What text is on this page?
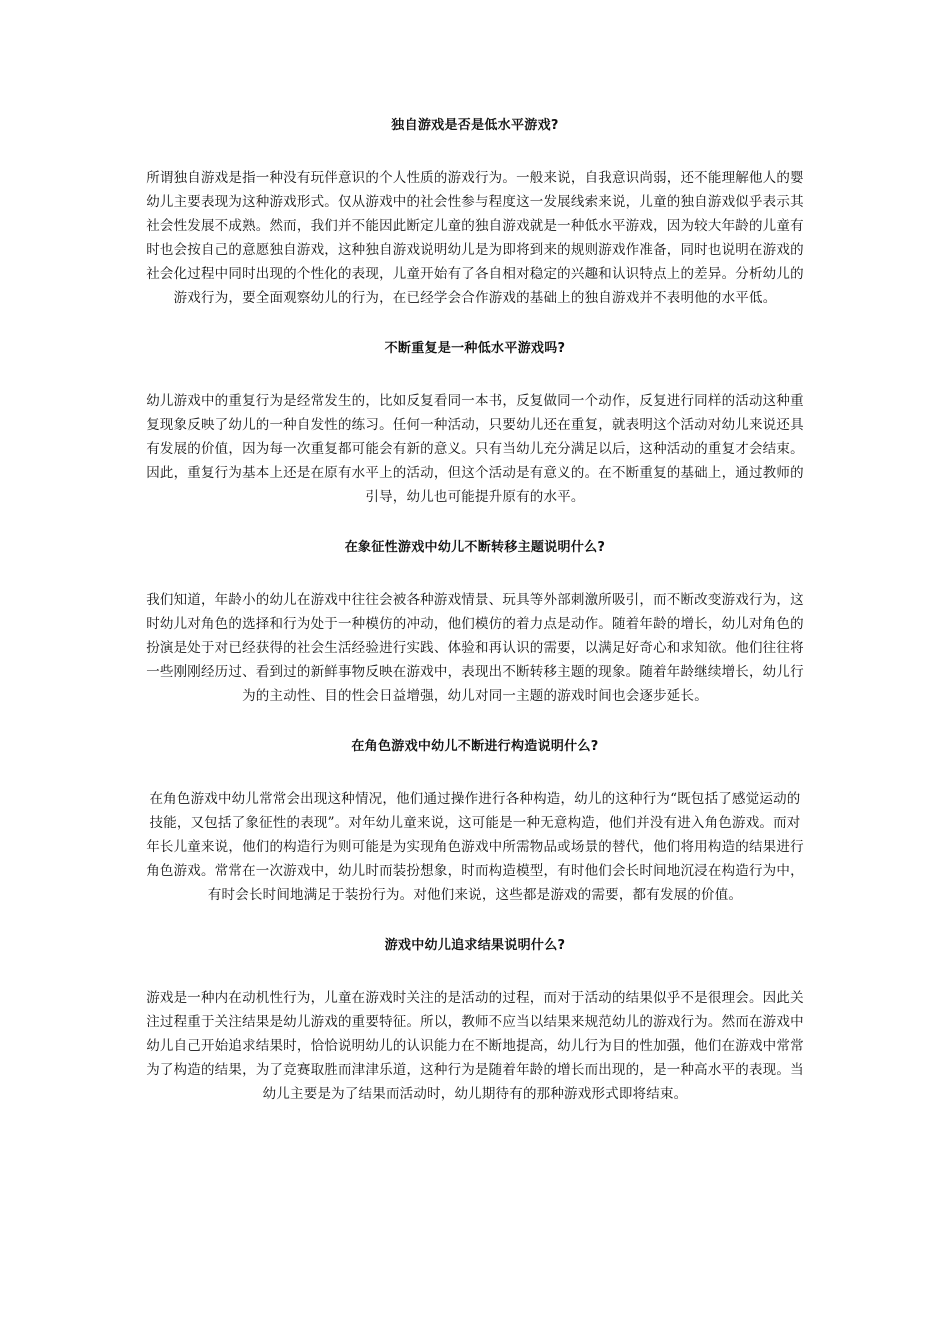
独自游戏是否是低水平游戏?

所谓独自游戏是指一种没有玩伴意识的个人性质的游戏行为。一般来说，自我意识尚弱，还不能理解他人的婴幼儿主要表现为这种游戏形式。仅从游戏中的社会性参与程度这一发展线索来说，儿童的独自游戏似乎表示其社会性发展不成熟。然而，我们并不能因此断定儿童的独自游戏就是一种低水平游戏，因为较大年龄的儿童有时也会按自己的意愿独自游戏，这种独自游戏说明幼儿是为即将到来的规则游戏作准备，同时也说明在游戏的社会化过程中同时出现的个性化的表现，儿童开始有了各自相对稳定的兴趣和认识特点上的差异。分析幼儿的游戏行为，要全面观察幼儿的行为，在已经学会合作游戏的基础上的独自游戏并不表明他的水平低。

不断重复是一种低水平游戏吗?

幼儿游戏中的重复行为是经常发生的，比如反复看同一本书，反复做同一个动作，反复进行同样的活动这种重复现象反映了幼儿的一种自发性的练习。任何一种活动，只要幼儿还在重复，就表明这个活动对幼儿来说还具有发展的价值，因为每一次重复都可能会有新的意义。只有当幼儿充分满足以后，这种活动的重复才会结束。因此，重复行为基本上还是在原有水平上的活动，但这个活动是有意义的。在不断重复的基础上，通过教师的引导，幼儿也可能提升原有的水平。

在象征性游戏中幼儿不断转移主题说明什么?

我们知道，年龄小的幼儿在游戏中往往会被各种游戏情景、玩具等外部刺激所吸引，而不断改变游戏行为，这时幼儿对角色的选择和行为处于一种模仿的冲动，他们模仿的着力点是动作。随着年龄的增长，幼儿对角色的扮演是处于对已经获得的社会生活经验进行实践、体验和再认识的需要，以满足好奇心和求知欲。他们往往将一些刚刚经历过、看到过的新鲜事物反映在游戏中，表现出不断转移主题的现象。随着年龄继续增长，幼儿行为的主动性、目的性会日益增强，幼儿对同一主题的游戏时间也会逐步延长。

在角色游戏中幼儿不断进行构造说明什么?

在角色游戏中幼儿常常会出现这种情况，他们通过操作进行各种构造，幼儿的这种行为“既包括了感觉运动的技能，又包括了象征性的表现”。对年幼儿童来说，这可能是一种无意构造，他们并没有进入角色游戏。而对年长儿童来说，他们的构造行为则可能是为实现角色游戏中所需物品或场景的替代，他们将用构造的结果进行角色游戏。常常在一次游戏中，幼儿时而装扮想象，时而构造模型，有时他们会长时间地沉浸在构造行为中，有时会长时间地满足于装扮行为。对他们来说，这些都是游戏的需要，都有发展的价值。

游戏中幼儿追求结果说明什么?

游戏是一种内在动机性行为，儿童在游戏时关注的是活动的过程，而对于活动的结果似乎不是很理会。因此关注过程重于关注结果是幼儿游戏的重要特征。所以，教师不应当以结果来规范幼儿的游戏行为。然而在游戏中幼儿自己开始追求结果时，恰恰说明幼儿的认识能力在不断地提高，幼儿行为目的性加强，他们在游戏中常常为了构造的结果，为了竞赛取胜而津津乐道，这种行为是随着年龄的增长而出现的，是一种高水平的表现。当幼儿主要是为了结果而活动时，幼儿期待有的那种游戏形式即将结束。
